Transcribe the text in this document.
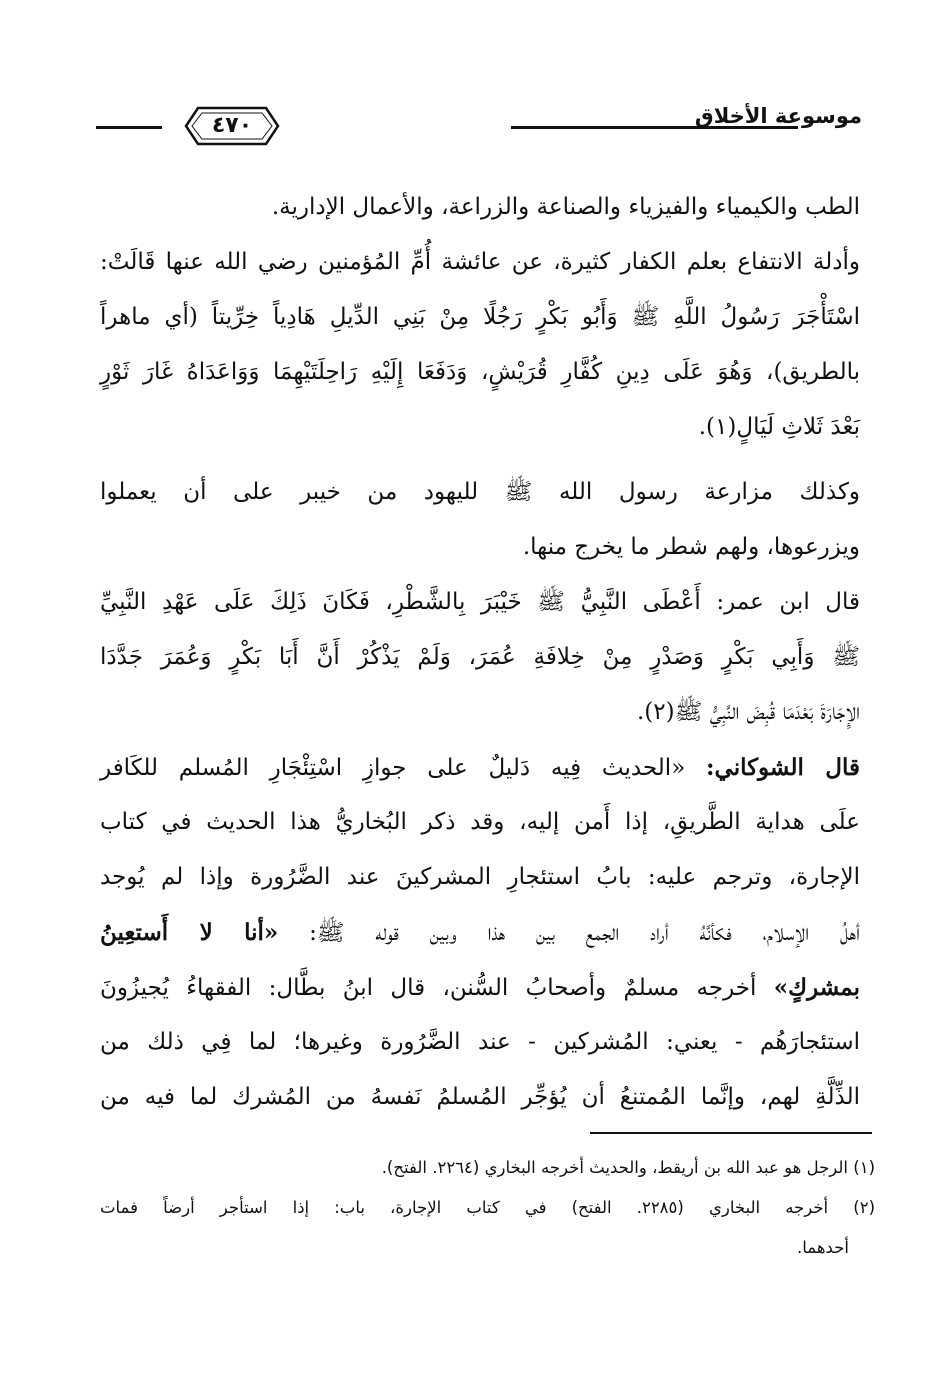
موسوعة الأخلاق
٤٧٠
الطب والكيمياء والفيزياء والصناعة والزراعة، والأعمال الإدارية.
وأدلة الانتفاع بعلم الكفار كثيرة، عن عائشة أُمِّ المُؤمنين رضي الله عنها قَالَتْ:
اسْتَأْجَرَ رَسُولُ اللَّهِ ﷺ وَأَبُو بَكْرٍ رَجُلًا مِنْ بَنِي الدِّيلِ هَادِياً خِرِّيتاً (أي ماهراً
بالطريق)، وَهُوَ عَلَى دِينِ كُفَّارِ قُرَيْشٍ، وَدَفَعَا إِلَيْهِ رَاحِلَتَيْهِمَا وَوَاعَدَاهُ غَارَ ثَوْرٍ
بَعْدَ ثَلاثِ لَيَالٍ(١).
وكذلك مزارعة رسول الله ﷺ لليهود من خيبر على أن يعملوا
ويزرعوها، ولهم شطر ما يخرج منها.
قال ابن عمر: أَعْطَى النَّبِيُّ ﷺ خَيْبَرَ بِالشَّطْرِ، فَكَانَ ذَلِكَ عَلَى عَهْدِ النَّبِيِّ
ﷺ وَأَبِي بَكْرٍ وَصَدْرٍ مِنْ خِلافَةِ عُمَرَ، وَلَمْ يَذْكُرْ أَنَّ أَبَا بَكْرٍ وَعُمَرَ جَدَّدَا
الإِجَارَةَ بَعْدَمَا قُبِضَ النَّبِيُّ ﷺ(٢).
قال الشوكاني: «الحديث فِيه دَليلٌ على جوازِ اسْتِئْجَارِ المُسلم للكَافر
علَى هداية الطَّريقِ، إذا أَمن إليه، وقد ذكر البُخاريُّ هذا الحديث في كتاب
الإجارة، وترجم عليه: بابُ استئجارِ المشركينَ عند الضَّرُورة وإذا لم يُوجد
أهلُ الإسلام، فكأنَّهُ أراد الجمع بين هذا وبين قوله ﷺ: «أنا لا أَستعِينُ
بمشركٍ» أخرجه مسلمٌ وأصحابُ السُّنن، قال ابنُ بطَّال: الفقهاءُ يُجيزُونَ
استئجارَهُم - يعني: المُشركين - عند الضَّرُورة وغيرها؛ لما فِي ذلك من
الذِّلَّةِ لهم، وإنَّما المُمتنعُ أن يُؤجِّر المُسلمُ نَفسهُ من المُشرك لما فيه من
(١) الرجل هو عبد الله بن أريقط، والحديث أخرجه البخاري (٢٢٦٤. الفتح).
(٢) أخرجه البخاري (٢٢٨٥. الفتح) في كتاب الإجارة، باب: إذا استأجر أرضاً فمات
أحدهما.
